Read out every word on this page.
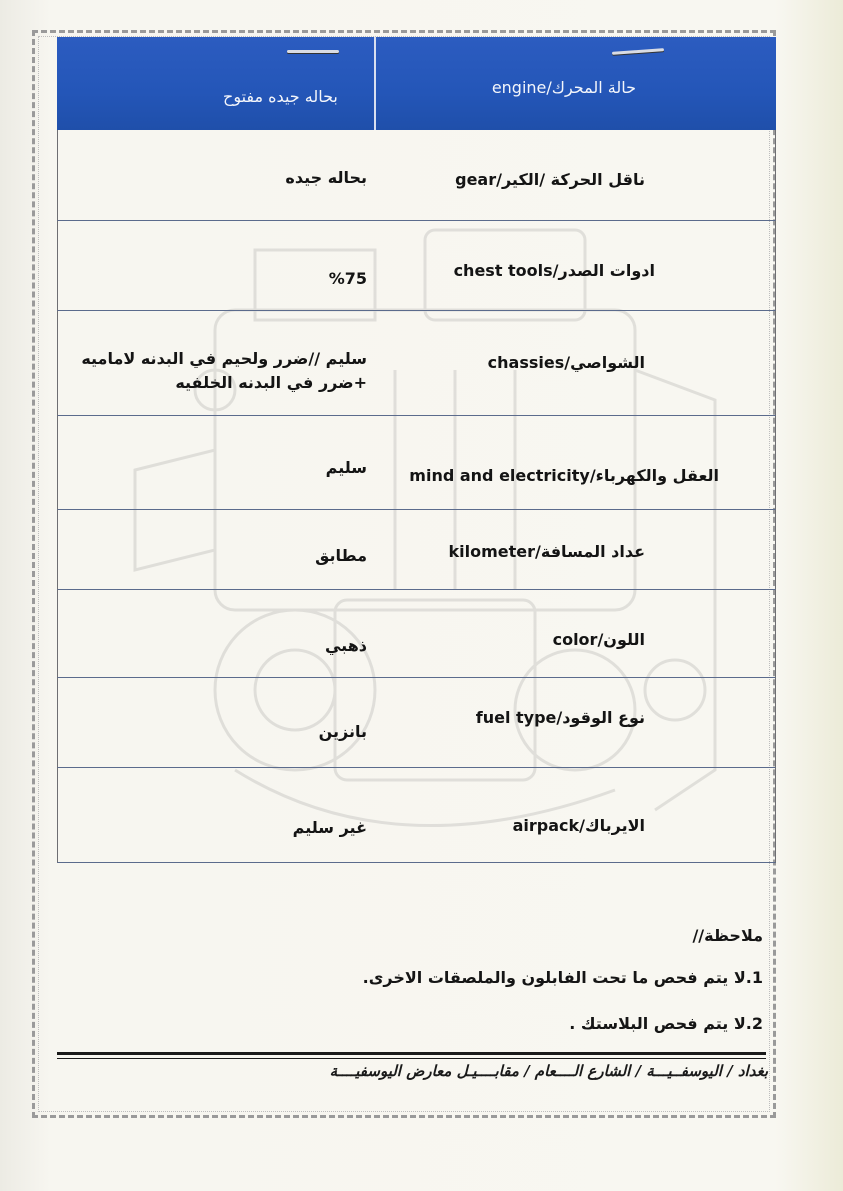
حالة المحرك/engine
بحاله جيده مفتوح
ناقل الحركة /الكير/gear
بحاله جيده
ادوات الصدر/chest tools
%75
الشواصي/chassies
سليم //ضرر ولحيم في البدنه لاماميه
+ضرر في البدنه الخلفيه
العقل والكهرباء/mind and electricity
سليم
عداد المسافة/kilometer
مطابق
اللون/color
ذهبي
نوع الوقود/fuel type
بانزين
الايرباك/airpack
غير سليم
ملاحظة//
1.لا يتم فحص ما تحت الفابلون والملصقات الاخرى.
2.لا يتم فحص البلاستك .
بغداد / اليوسفــيـــة / الشارع الــــعام / مقابــــيـل معارض اليوسفيــــة
